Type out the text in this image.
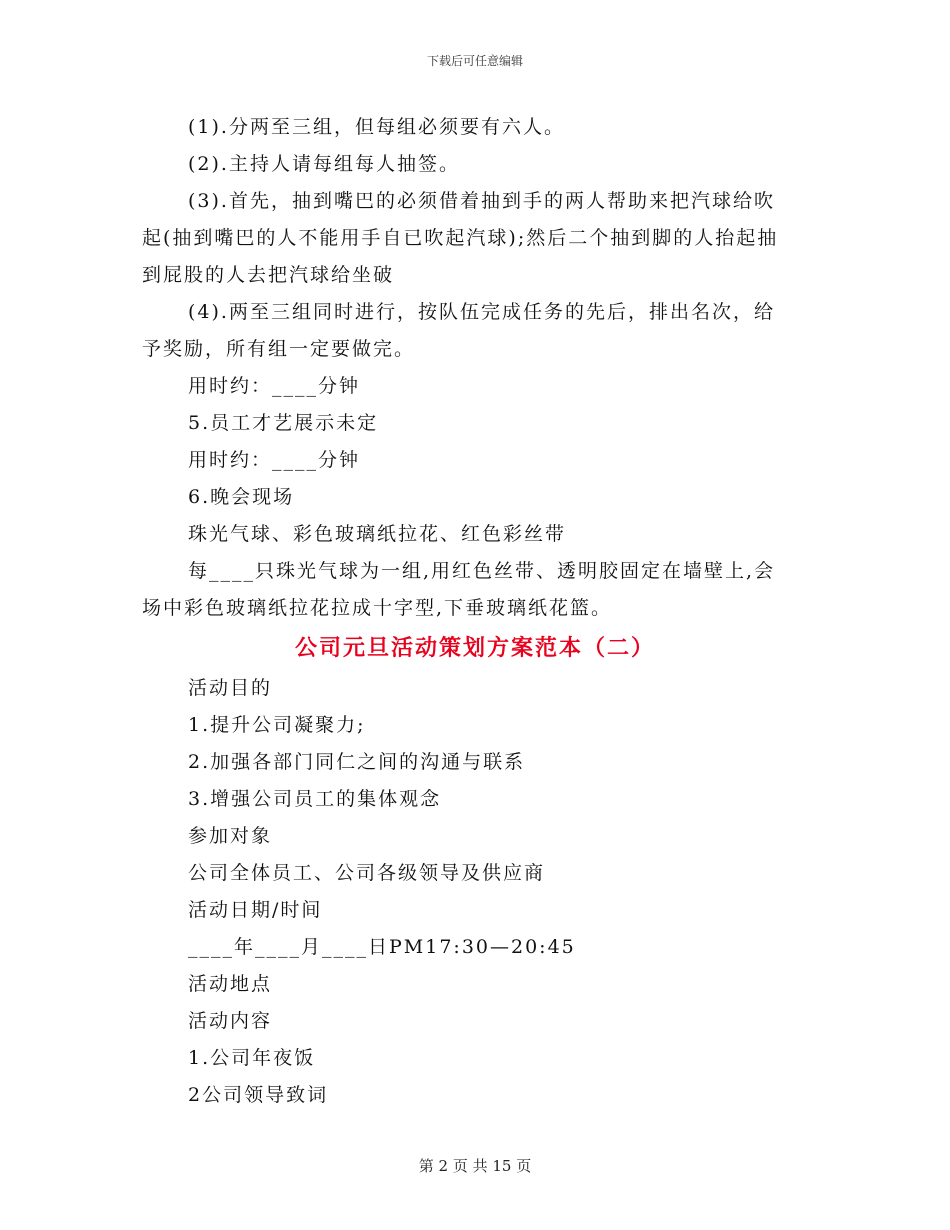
下载后可任意编辑
(1).分两至三组，但每组必须要有六人。
(2).主持人请每组每人抽签。
(3).首先，抽到嘴巴的必须借着抽到手的两人帮助来把汽球给吹
起(抽到嘴巴的人不能用手自已吹起汽球);然后二个抽到脚的人抬起抽
到屁股的人去把汽球给坐破
(4).两至三组同时进行，按队伍完成任务的先后，排出名次，给
予奖励，所有组一定要做完。
用时约：____分钟
5.员工才艺展示未定
用时约：____分钟
6.晚会现场
珠光气球、彩色玻璃纸拉花、红色彩丝带
每____只珠光气球为一组,用红色丝带、透明胶固定在墙壁上,会
场中彩色玻璃纸拉花拉成十字型,下垂玻璃纸花篮。
公司元旦活动策划方案范本（二）
活动目的
1.提升公司凝聚力;
2.加强各部门同仁之间的沟通与联系
3.增强公司员工的集体观念
参加对象
公司全体员工、公司各级领导及供应商
活动日期/时间
____年____月____日PM17:30—20:45
活动地点
活动内容
1.公司年夜饭
2公司领导致词
第 2 页 共 15 页
